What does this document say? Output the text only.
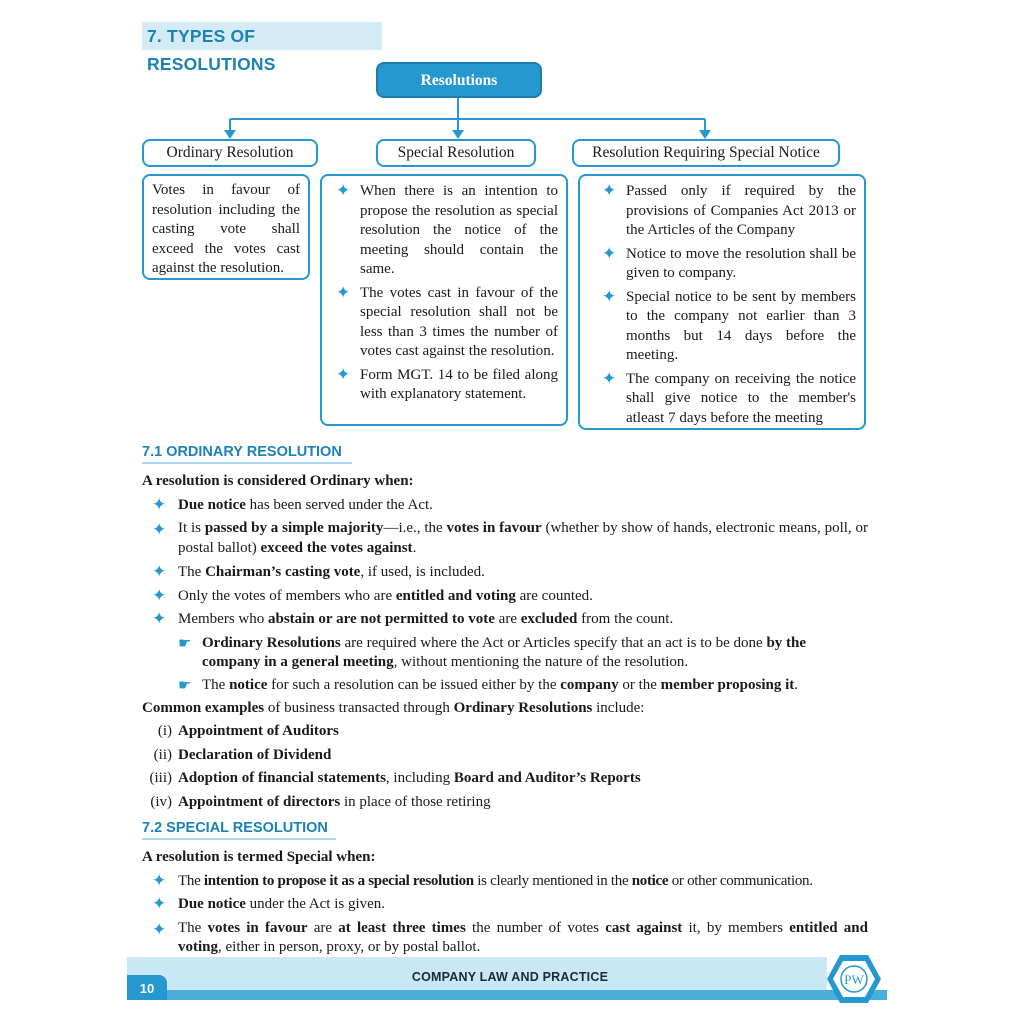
7. TYPES OF RESOLUTIONS
Resolutions
Ordinary Resolution	Special Resolution	Resolution Requiring Special Notice
Votes in favour of resolution including the casting vote shall exceed the votes cast against the resolution.
✦ When there is an intention to propose the resolution as special resolution the notice of the meeting should contain the same.
✦ The votes cast in favour of the special resolution shall not be less than 3 times the number of votes cast against the resolution.
✦ Form MGT. 14 to be filed along with explanatory statement.
✦ Passed only if required by the provisions of Companies Act 2013 or the Articles of the Company
✦ Notice to move the resolution shall be given to company.
✦ Special notice to be sent by members to the company not earlier than 3 months but 14 days before the meeting.
✦ The company on receiving the notice shall give notice to the member's atleast 7 days before the meeting
7.1 ORDINARY RESOLUTION
A resolution is considered Ordinary when:
✦ Due notice has been served under the Act.
✦ It is passed by a simple majority—i.e., the votes in favour (whether by show of hands, electronic means, poll, or postal ballot) exceed the votes against.
✦ The Chairman’s casting vote, if used, is included.
✦ Only the votes of members who are entitled and voting are counted.
✦ Members who abstain or are not permitted to vote are excluded from the count.
☛ Ordinary Resolutions are required where the Act or Articles specify that an act is to be done by the company in a general meeting, without mentioning the nature of the resolution.
☛ The notice for such a resolution can be issued either by the company or the member proposing it.
Common examples of business transacted through Ordinary Resolutions include:
(i) Appointment of Auditors
(ii) Declaration of Dividend
(iii) Adoption of financial statements, including Board and Auditor’s Reports
(iv) Appointment of directors in place of those retiring
7.2 SPECIAL RESOLUTION
A resolution is termed Special when:
✦ The intention to propose it as a special resolution is clearly mentioned in the notice or other communication.
✦ Due notice under the Act is given.
✦ The votes in favour are at least three times the number of votes cast against it, by members entitled and voting, either in person, proxy, or by postal ballot.
10
COMPANY LAW AND PRACTICE	PW
